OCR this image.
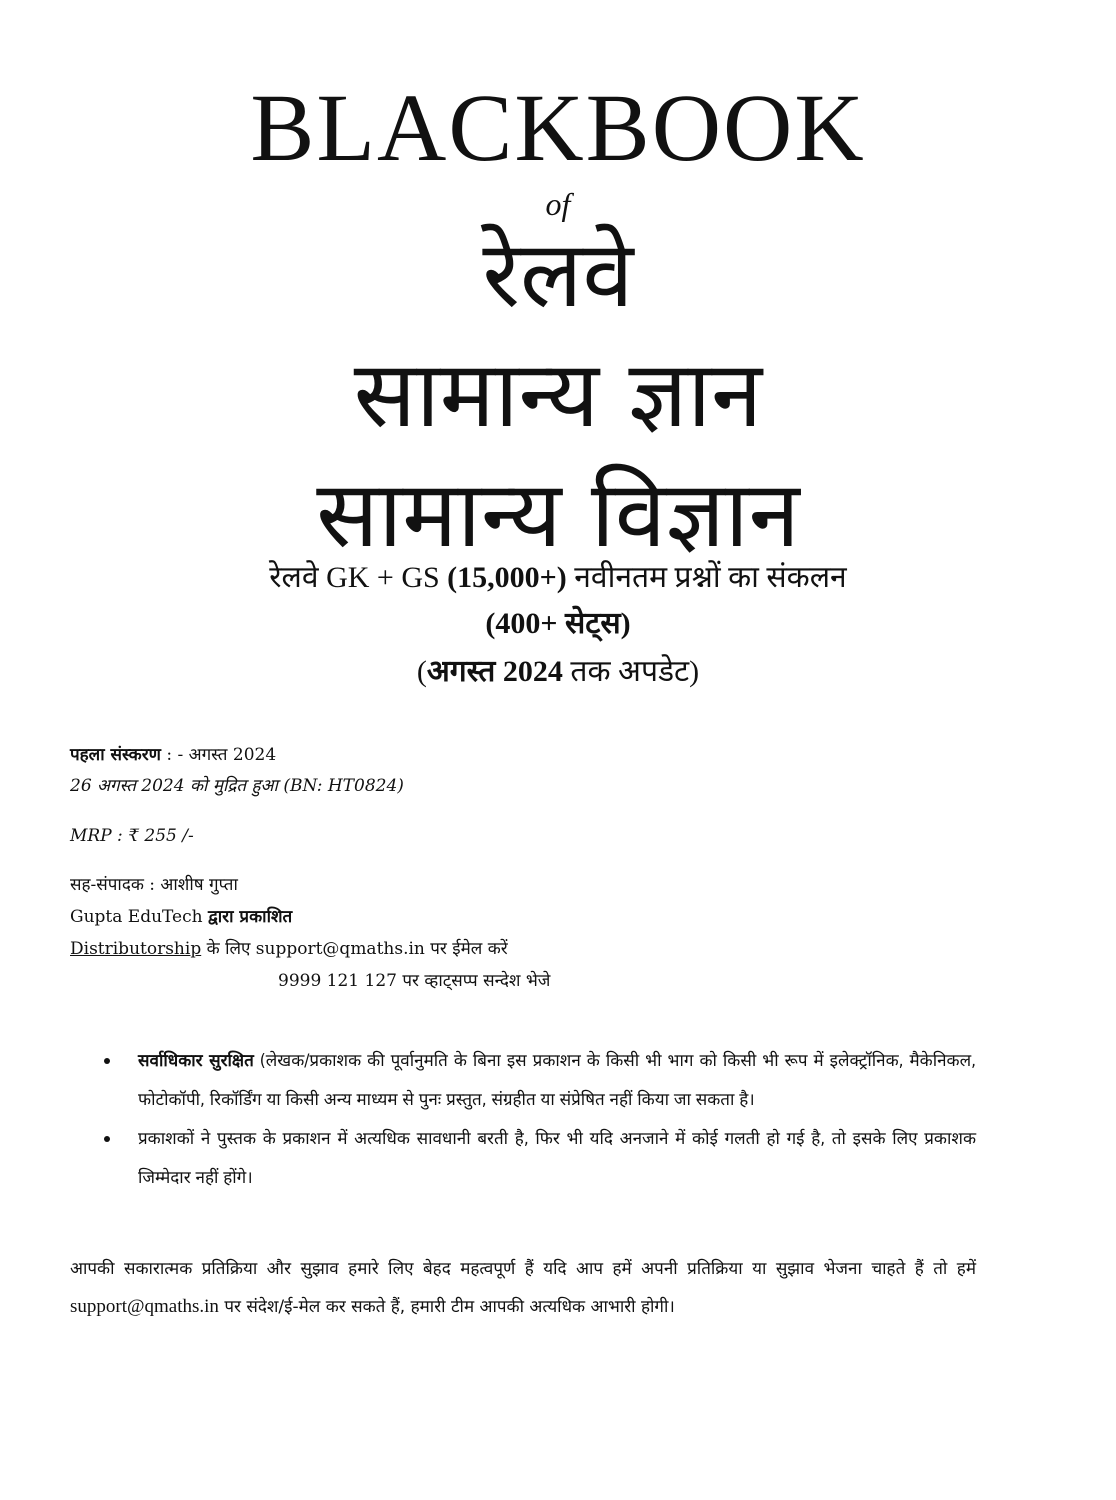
BLACKBOOK
of
रेलवे
सामान्य ज्ञान
सामान्य विज्ञान
रेलवे GK + GS (15,000+) नवीनतम प्रश्नों का संकलन
(400+ सेट्स)
(अगस्त 2024 तक अपडेट)
पहला संस्करण : - अगस्त 2024
26 अगस्त 2024 को मुद्रित हुआ (BN: HT0824)
MRP : ₹ 255 /-
सह-संपादक : आशीष गुप्ता
Gupta EduTech द्वारा प्रकाशित
Distributorship के लिए support@qmaths.in पर ईमेल करें
9999 121 127 पर व्हाट्सप्प सन्देश भेजे
सर्वाधिकार सुरक्षित (लेखक/प्रकाशक की पूर्वानुमति के बिना इस प्रकाशन के किसी भी भाग को किसी भी रूप में इलेक्ट्रॉनिक, मैकेनिकल, फोटोकॉपी, रिकॉर्डिंग या किसी अन्य माध्यम से पुनः प्रस्तुत, संग्रहीत या संप्रेषित नहीं किया जा सकता है।
प्रकाशकों ने पुस्तक के प्रकाशन में अत्यधिक सावधानी बरती है, फिर भी यदि अनजाने में कोई गलती हो गई है, तो इसके लिए प्रकाशक जिम्मेदार नहीं होंगे।
आपकी सकारात्मक प्रतिक्रिया और सुझाव हमारे लिए बेहद महत्वपूर्ण हैं यदि आप हमें अपनी प्रतिक्रिया या सुझाव भेजना चाहते हैं तो हमें support@qmaths.in पर संदेश/ई-मेल कर सकते हैं, हमारी टीम आपकी अत्यधिक आभारी होगी।
